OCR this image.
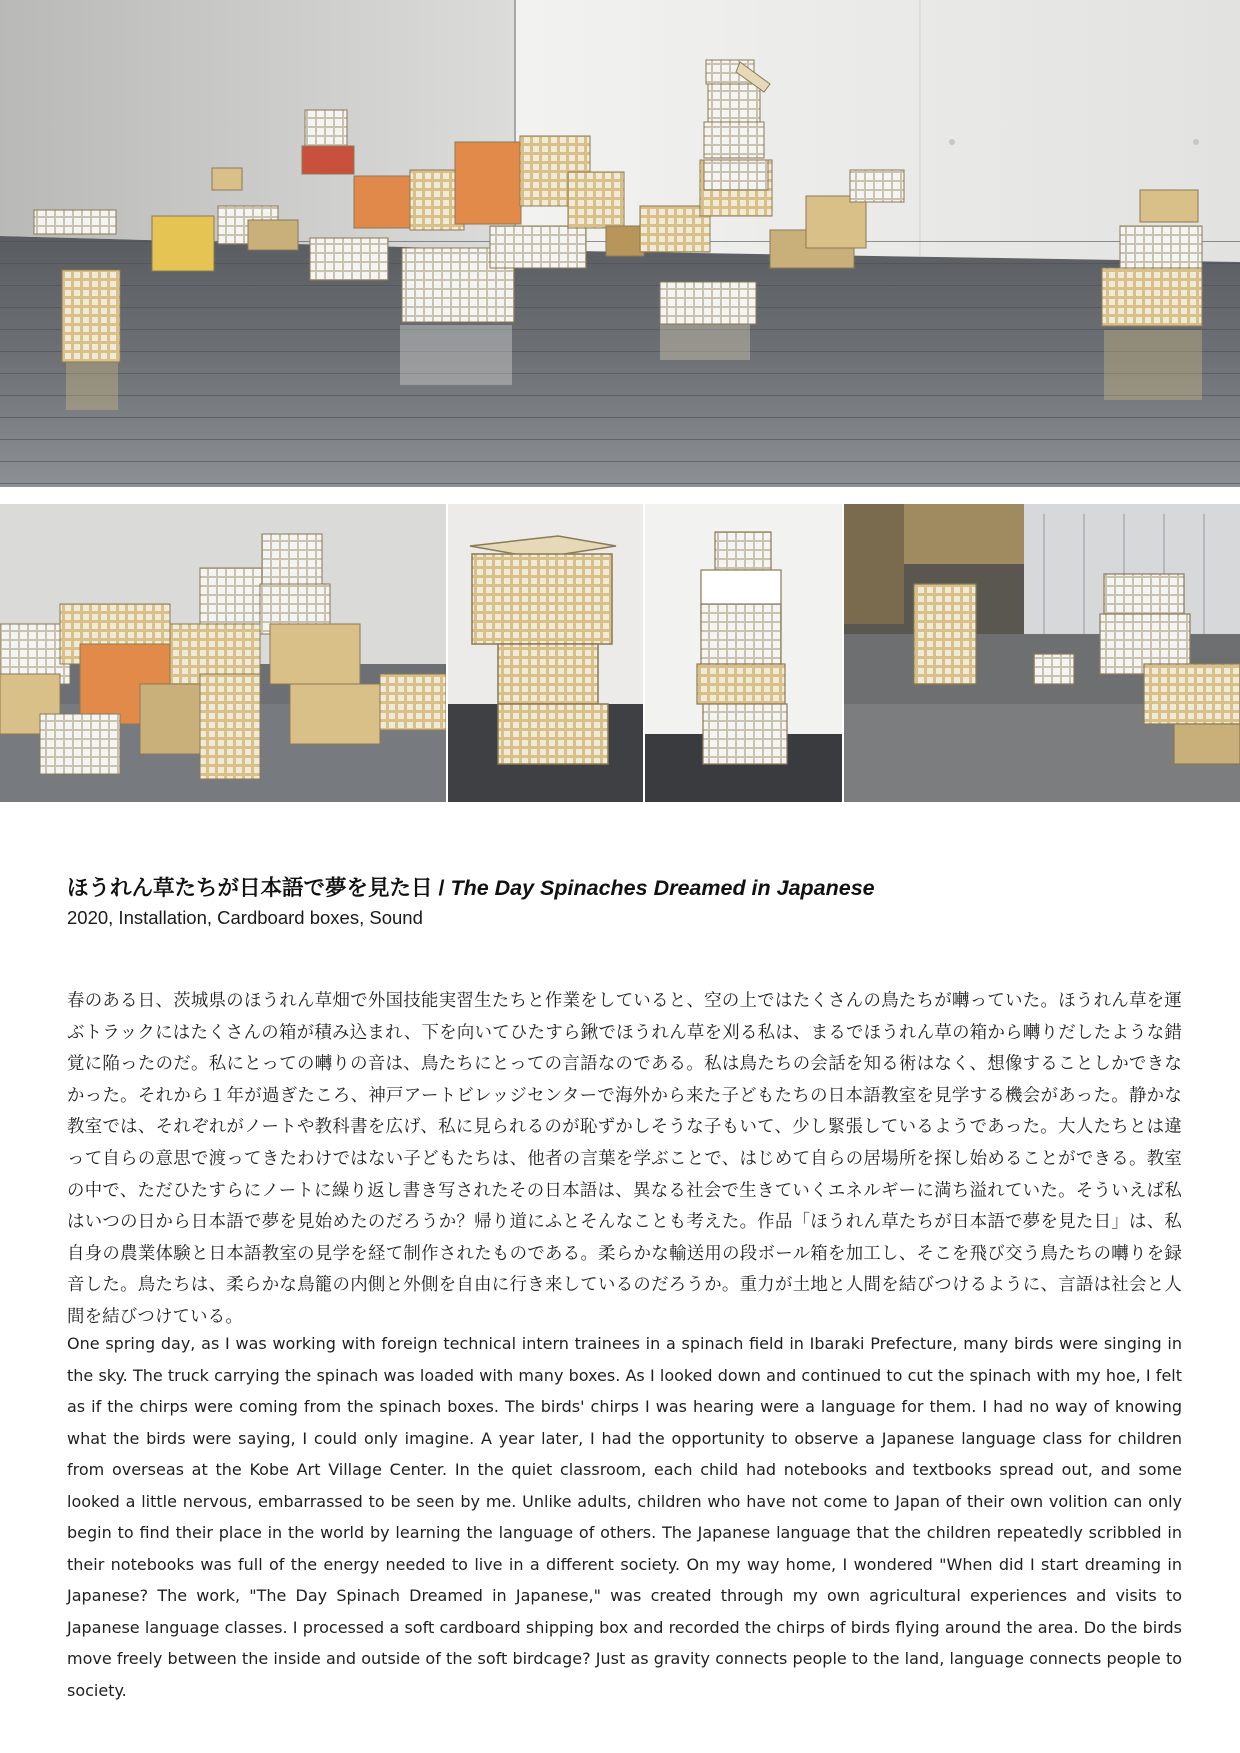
ほうれん草たちが日本語で夢を見た日 / The Day Spinaches Dreamed in Japanese
2020, Installation, Cardboard boxes, Sound
春のある日、茨城県のほうれん草畑で外国技能実習生たちと作業をしていると、空の上ではたくさんの鳥たちが囀っていた。ほうれん草を運ぶトラックにはたくさんの箱が積み込まれ、下を向いてひたすら鍬でほうれん草を刈る私は、まるでほうれん草の箱から囀りだしたような錯覚に陥ったのだ。私にとっての囀りの音は、鳥たちにとっての言語なのである。私は鳥たちの会話を知る術はなく、想像することしかできなかった。それから１年が過ぎたころ、神戸アートビレッジセンターで海外から来た子どもたちの日本語教室を見学する機会があった。静かな教室では、それぞれがノートや教科書を広げ、私に見られるのが恥ずかしそうな子もいて、少し緊張しているようであった。大人たちとは違って自らの意思で渡ってきたわけではない子どもたちは、他者の言葉を学ぶことで、はじめて自らの居場所を探し始めることができる。教室の中で、ただひたすらにノートに繰り返し書き写されたその日本語は、異なる社会で生きていくエネルギーに満ち溢れていた。そういえば私はいつの日から日本語で夢を見始めたのだろうか？帰り道にふとそんなことも考えた。作品「ほうれん草たちが日本語で夢を見た日」は、私自身の農業体験と日本語教室の見学を経て制作されたものである。柔らかな輸送用の段ボール箱を加工し、そこを飛び交う鳥たちの囀りを録音した。鳥たちは、柔らかな鳥籠の内側と外側を自由に行き来しているのだろうか。重力が土地と人間を結びつけるように、言語は社会と人間を結びつけている。
One spring day, as I was working with foreign technical intern trainees in a spinach field in Ibaraki Prefecture, many birds were singing in the sky. The truck carrying the spinach was loaded with many boxes. As I looked down and continued to cut the spinach with my hoe, I felt as if the chirps were coming from the spinach boxes. The birds' chirps I was hearing were a language for them. I had no way of knowing what the birds were saying, I could only imagine. A year later, I had the opportunity to observe a Japanese language class for children from overseas at the Kobe Art Village Center. In the quiet classroom, each child had notebooks and textbooks spread out, and some looked a little nervous, embarrassed to be seen by me. Unlike adults, children who have not come to Japan of their own volition can only begin to find their place in the world by learning the language of others. The Japanese language that the children repeatedly scribbled in their notebooks was full of the energy needed to live in a different society. On my way home, I wondered "When did I start dreaming in Japanese? The work, "The Day Spinach Dreamed in Japanese," was created through my own agricultural experiences and visits to Japanese language classes. I processed a soft cardboard shipping box and recorded the chirps of birds flying around the area. Do the birds move freely between the inside and outside of the soft birdcage? Just as gravity connects people to the land, language connects people to society.
